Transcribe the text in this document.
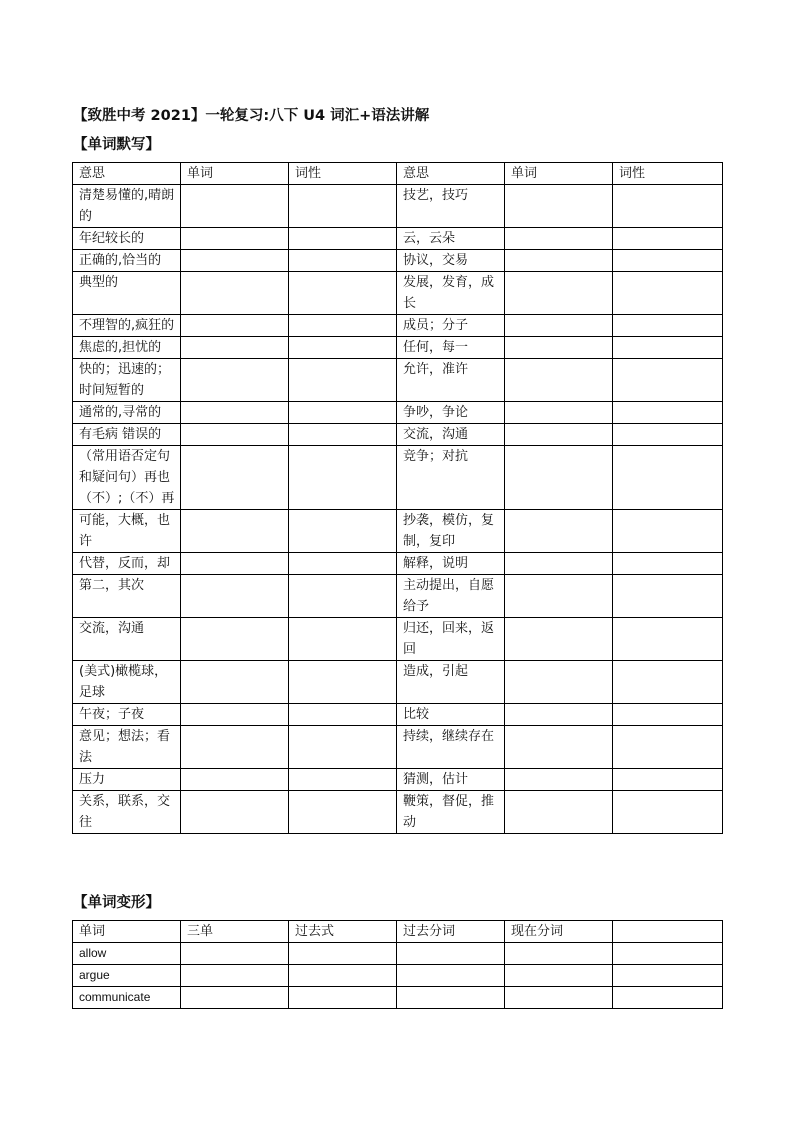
【致胜中考 2021】一轮复习:八下 U4 词汇+语法讲解
【单词默写】
意思	单词	词性	意思	单词	词性
清楚易懂的,晴朗的			技艺，技巧		
年纪较长的			云，云朵		
正确的,恰当的			协议，交易		
典型的			发展，发育，成长		
不理智的,疯狂的			成员；分子		
焦虑的,担忧的			任何，每一		
快的；迅速的；时间短暂的			允许，准许		
通常的,寻常的			争吵，争论		
有毛病 错误的			交流，沟通		
（常用语否定句和疑问句）再也（不）;（不）再			竞争；对抗		
可能，大概，也许			抄袭，模仿，复制，复印		
代替，反而，却			解释，说明		
第二，其次			主动提出，自愿给予		
交流，沟通			归还，回来，返回		
(美式)橄榄球，足球			造成，引起		
午夜；子夜			比较		
意见；想法；看法			持续，继续存在		
压力			猜测，估计		
关系，联系，交往			鞭策，督促，推动		
【单词变形】
单词	三单	过去式	过去分词	现在分词	
allow					
argue					
communicate					
